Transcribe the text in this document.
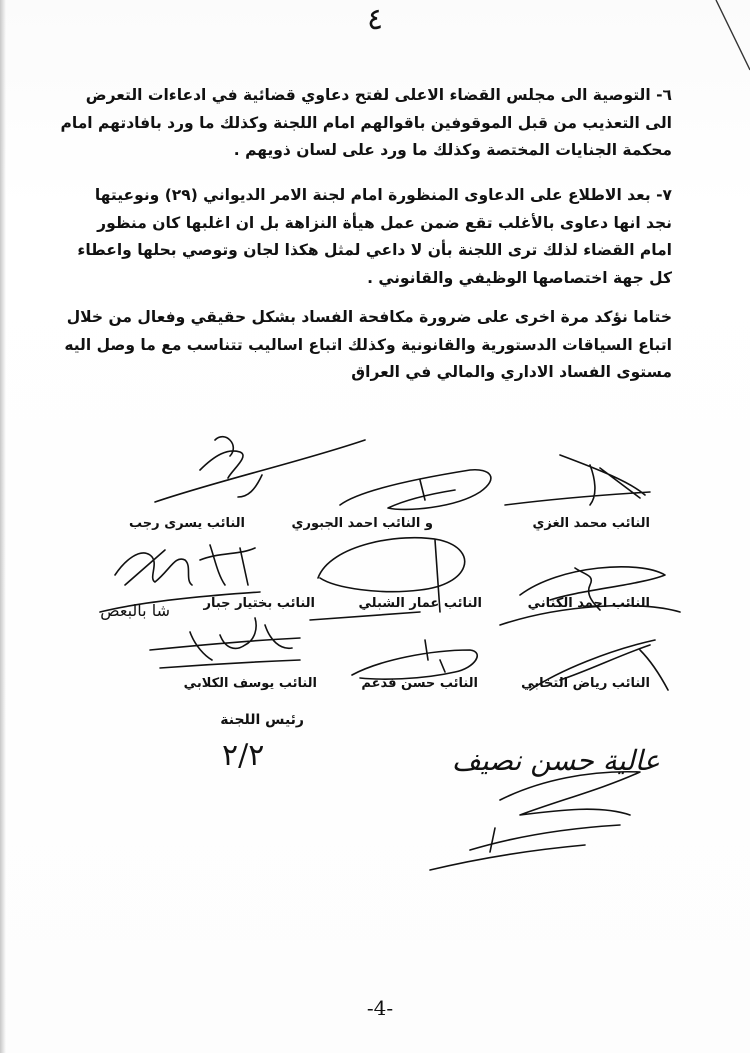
٤
٦- التوصية الى مجلس القضاء الاعلى لفتح دعاوي قضائية في ادعاءات التعرض
الى التعذيب من قبل الموقوفين باقوالهم امام اللجنة وكذلك ما ورد بافادتهم امام
محكمة الجنايات المختصة وكذلك ما ورد على لسان ذويهم .
٧- بعد الاطلاع على الدعاوى المنظورة امام لجنة الامر الديواني (٢٩) ونوعيتها
نجد انها دعاوى بالأغلب تقع ضمن عمل هيأة النزاهة بل ان اغلبها كان منظور
امام القضاء لذلك ترى اللجنة بأن لا داعي لمثل هكذا لجان وتوصي بحلها واعطاء
كل جهة اختصاصها الوظيفي والقانوني .
ختاما نؤكد مرة اخرى على ضرورة مكافحة الفساد بشكل حقيقي وفعال من خلال
اتباع السياقات الدستورية والقانونية وكذلك اتباع اساليب تتناسب مع ما وصل اليه
مستوى الفساد الاداري والمالي في العراق
عالية حسن نصيف
شا بالبعص
النائب محمد الغزي
و النائب احمد الجبوري
النائب يسرى رجب
النائب احمد الكناني
النائب عمار الشبلي
النائب بختيار جبار
النائب رياض التخابي
النائب حسن فدعم
النائب يوسف الكلابي
رئيس اللجنة
٢/٢
-4-
